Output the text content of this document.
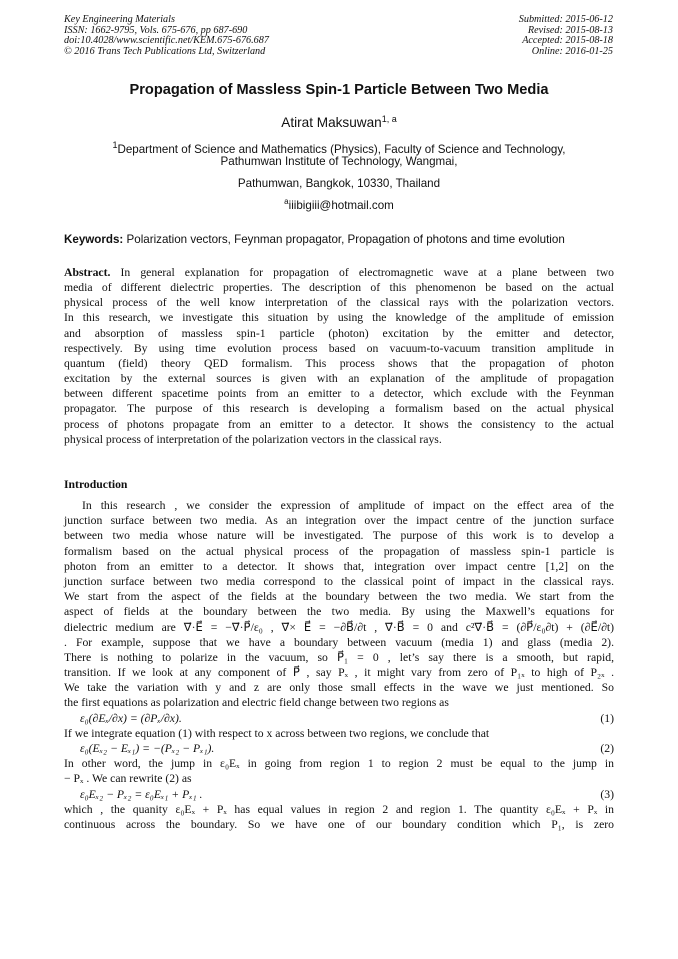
Key Engineering Materials
ISSN: 1662-9795, Vols. 675-676, pp 687-690
doi:10.4028/www.scientific.net/KEM.675-676.687
© 2016 Trans Tech Publications Ltd, Switzerland
Submitted: 2015-06-12
Revised: 2015-08-13
Accepted: 2015-08-18
Online: 2016-01-25
Propagation of Massless Spin-1 Particle Between Two Media
Atirat Maksuwan$^{1, a}$
$^1$Department of Science and Mathematics (Physics), Faculty of Science and Technology,
Pathumwan Institute of Technology, Wangmai,
Pathumwan, Bangkok, 10330, Thailand
$^a$iiibigiii@hotmail.com
Keywords: Polarization vectors, Feynman propagator, Propagation of photons and time evolution
Abstract. In general explanation for propagation of electromagnetic wave at a plane between two
media of different dielectric properties. The description of this phenomenon be based on the actual
physical process of the well know interpretation of the classical rays with the polarization vectors.
In this research, we investigate this situation by using the knowledge of the amplitude of emission
and absorption of massless spin-1 particle (photon) excitation by the emitter and detector,
respectively. By using time evolution process based on vacuum-to-vacuum transition amplitude in
quantum (field) theory QED formalism. This process shows that the propagation of photon
excitation by the external sources is given with an explanation of the amplitude of propagation
between different spacetime points from an emitter to a detector, which exclude with the Feynman
propagator. The purpose of this research is developing a formalism based on the actual physical
process of photons propagate from an emitter to a detector. It shows the consistency to the actual
physical process of interpretation of the polarization vectors in the classical rays.
Introduction
In this research , we consider the expression of amplitude of impact on the effect area of the
junction surface between two media. As an integration over the impact centre of the junction surface
between two media whose nature will be investigated. The purpose of this work is to develop a
formalism based on the actual physical process of the propagation of massless spin-1 particle is
photon from an emitter to a detector. It shows that, integration over impact centre [1,2] on the
junction surface between two media correspond to the classical point of impact in the classical rays.
We start from the aspect of the fields at the boundary between the two media. We start from the
aspect of fields at the boundary between the two media. By using the Maxwell’s equations for
dielectric medium are ∇⃗·E⃗ = −∇⃗·P⃗/ε₀ , ∇⃗× E⃗ = −∂B⃗/∂t , ∇⃗·B⃗ = 0 and c²∇⃗·B⃗ = (∂P⃗/ε₀∂t) + (∂E⃗/∂t)
. For example, suppose that we have a boundary between vacuum (media 1) and glass (media 2).
There is nothing to polarize in the vacuum, so P⃗₁ = 0 , let’s say there is a smooth, but rapid,
transition. If we look at any component of P⃗ , say Pₓ , it might vary from zero of P₁ₓ to high of P₂ₓ .
We take the variation with y and z are only those small effects in the wave we just mentioned. So
the first equations as polarization and electric field change between two regions as
ε₀(∂Eₓ/∂x) = (∂Pₓ/∂x).	(1)
If we integrate equation (1) with respect to x across between two regions, we conclude that
ε₀(Eₓ₂ − Eₓ₁) = −(Pₓ₂ − Pₓ₁).	(2)
In other word, the jump in ε₀Eₓ in going from region 1 to region 2 must be equal to the jump in
− Pₓ . We can rewrite (2) as
ε₀Eₓ₂ − Pₓ₂ = ε₀Eₓ₁ + Pₓ₁ .	(3)
which , the quanity ε₀Eₓ + Pₓ has equal values in region 2 and region 1. The quantity ε₀Eₓ + Pₓ in
continuous across the boundary. So we have one of our boundary condition which P₁, is zero
